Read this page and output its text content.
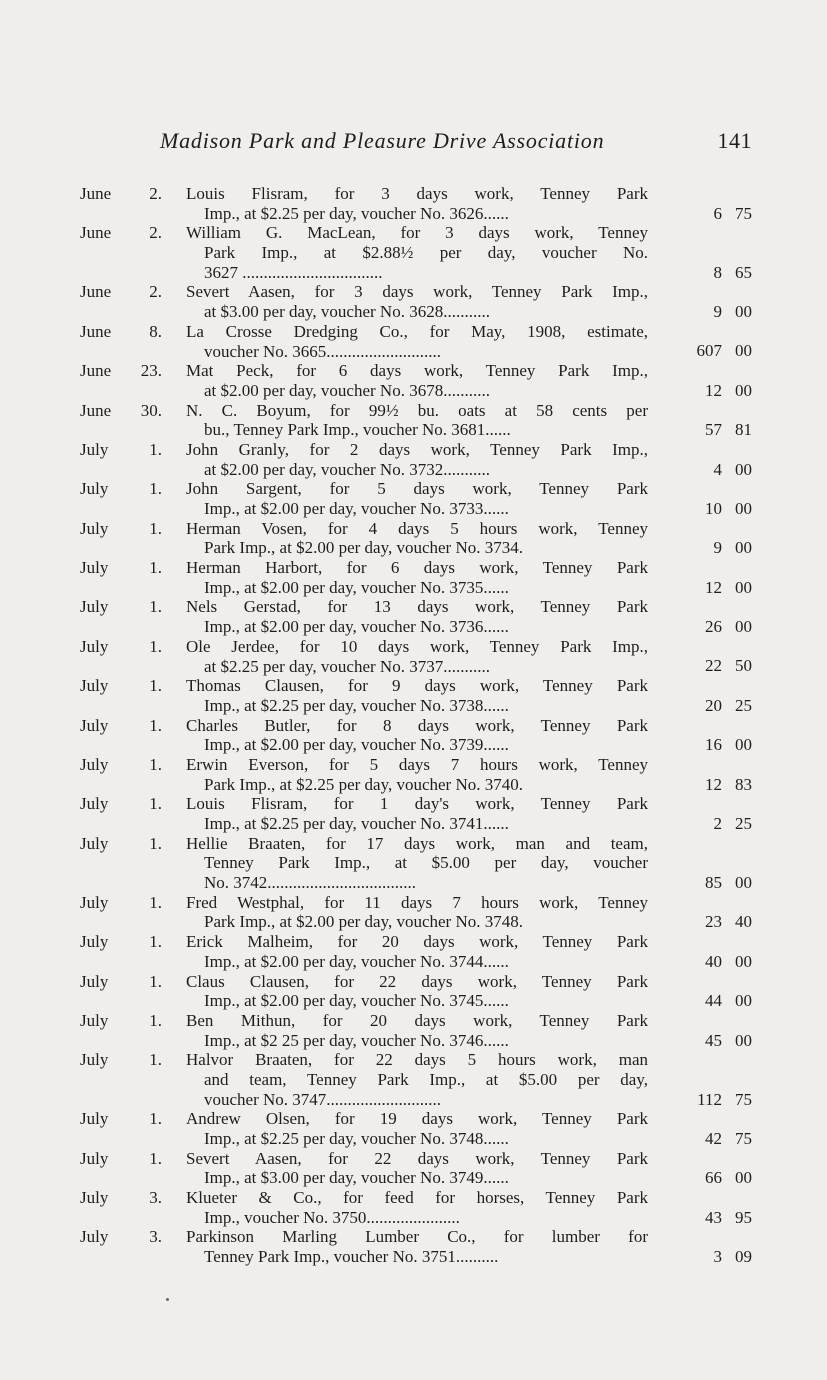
Madison Park and Pleasure Drive Association	141
June 2. Louis Flisram, for 3 days work, Tenney Park
Imp., at $2.25 per day, voucher No. 3626......	6 75
June 2. William G. MacLean, for 3 days work, Tenney
Park Imp., at $2.88½ per day, voucher No.
3627 .................................	8 65
June 2. Severt Aasen, for 3 days work, Tenney Park Imp.,
at $3.00 per day, voucher No. 3628...........	9 00
June 8. La Crosse Dredging Co., for May, 1908, estimate,
voucher No. 3665...........................	607 00
June 23. Mat Peck, for 6 days work, Tenney Park Imp.,
at $2.00 per day, voucher No. 3678...........	12 00
June 30. N. C. Boyum, for 99½ bu. oats at 58 cents per
bu., Tenney Park Imp., voucher No. 3681......	57 81
July 1. John Granly, for 2 days work, Tenney Park Imp.,
at $2.00 per day, voucher No. 3732...........	4 00
July 1. John Sargent, for 5 days work, Tenney Park
Imp., at $2.00 per day, voucher No. 3733......	10 00
July 1. Herman Vosen, for 4 days 5 hours work, Tenney
Park Imp., at $2.00 per day, voucher No. 3734.	9 00
July 1. Herman Harbort, for 6 days work, Tenney Park
Imp., at $2.00 per day, voucher No. 3735......	12 00
July 1. Nels Gerstad, for 13 days work, Tenney Park
Imp., at $2.00 per day, voucher No. 3736......	26 00
July 1. Ole Jerdee, for 10 days work, Tenney Park Imp.,
at $2.25 per day, voucher No. 3737...........	22 50
July 1. Thomas Clausen, for 9 days work, Tenney Park
Imp., at $2.25 per day, voucher No. 3738......	20 25
July 1. Charles Butler, for 8 days work, Tenney Park
Imp., at $2.00 per day, voucher No. 3739......	16 00
July 1. Erwin Everson, for 5 days 7 hours work, Tenney
Park Imp., at $2.25 per day, voucher No. 3740.	12 83
July 1. Louis Flisram, for 1 day's work, Tenney Park
Imp., at $2.25 per day, voucher No. 3741......	2 25
July 1. Hellie Braaten, for 17 days work, man and team,
Tenney Park Imp., at $5.00 per day, voucher
No. 3742...................................	85 00
July 1. Fred Westphal, for 11 days 7 hours work, Tenney
Park Imp., at $2.00 per day, voucher No. 3748.	23 40
July 1. Erick Malheim, for 20 days work, Tenney Park
Imp., at $2.00 per day, voucher No. 3744......	40 00
July 1. Claus Clausen, for 22 days work, Tenney Park
Imp., at $2.00 per day, voucher No. 3745......	44 00
July 1. Ben Mithun, for 20 days work, Tenney Park
Imp., at $2 25 per day, voucher No. 3746......	45 00
July 1. Halvor Braaten, for 22 days 5 hours work, man
and team, Tenney Park Imp., at $5.00 per day,
voucher No. 3747...........................	112 75
July 1. Andrew Olsen, for 19 days work, Tenney Park
Imp., at $2.25 per day, voucher No. 3748......	42 75
July 1. Severt Aasen, for 22 days work, Tenney Park
Imp., at $3.00 per day, voucher No. 3749......	66 00
July 3. Klueter & Co., for feed for horses, Tenney Park
Imp., voucher No. 3750......................	43 95
July 3. Parkinson Marling Lumber Co., for lumber for
Tenney Park Imp., voucher No. 3751..........	3 09
